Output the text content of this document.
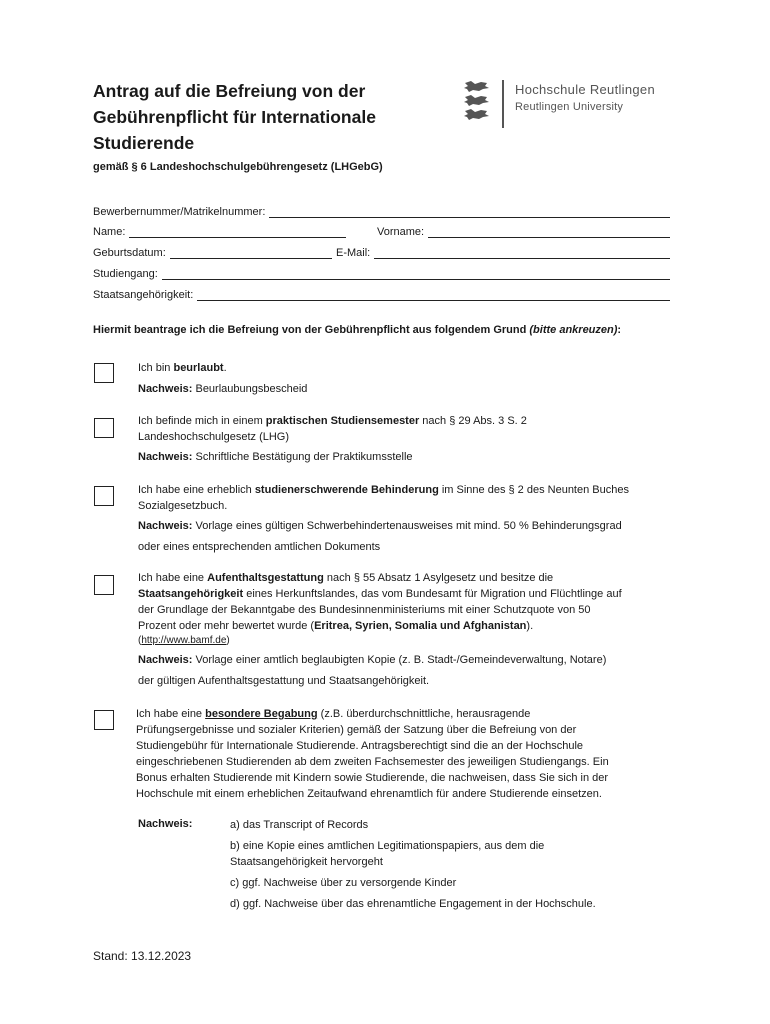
Antrag auf die Befreiung von der
Gebührenpflicht für Internationale
Studierende
gemäß § 6 Landeshochschulgebührengesetz (LHGebG)
Hochschule Reutlingen
Reutlingen University
Bewerbernummer/Matrikelnummer:
Name:	Vorname:
Geburtsdatum:	E-Mail:
Studiengang:
Staatsangehörigkeit:
Hiermit beantrage ich die Befreiung von der Gebührenpflicht aus folgendem Grund (bitte ankreuzen):
Ich bin beurlaubt.
Nachweis: Beurlaubungsbescheid
Ich befinde mich in einem praktischen Studiensemester nach § 29 Abs. 3 S. 2
Landeshochschulgesetz (LHG)
Nachweis: Schriftliche Bestätigung der Praktikumsstelle
Ich habe eine erheblich studienerschwerende Behinderung im Sinne des § 2 des Neunten Buches
Sozialgesetzbuch.
Nachweis: Vorlage eines gültigen Schwerbehindertenausweises mit mind. 50 % Behinderungsgrad
oder eines entsprechenden amtlichen Dokuments
Ich habe eine Aufenthaltsgestattung nach § 55 Absatz 1 Asylgesetz und besitze die
Staatsangehörigkeit eines Herkunftslandes, das vom Bundesamt für Migration und Flüchtlinge auf
der Grundlage der Bekanntgabe des Bundesinnenministeriums mit einer Schutzquote von 50
Prozent oder mehr bewertet wurde (Eritrea, Syrien, Somalia und Afghanistan).
(http://www.bamf.de)
Nachweis: Vorlage einer amtlich beglaubigten Kopie (z. B. Stadt-/Gemeindeverwaltung, Notare)
der gültigen Aufenthaltsgestattung und Staatsangehörigkeit.
Ich habe eine besondere Begabung (z.B. überdurchschnittliche, herausragende
Prüfungsergebnisse und sozialer Kriterien) gemäß der Satzung über die Befreiung von der
Studiengebühr für Internationale Studierende. Antragsberechtigt sind die an der Hochschule
eingeschriebenen Studierenden ab dem zweiten Fachsemester des jeweiligen Studiengangs. Ein
Bonus erhalten Studierende mit Kindern sowie Studierende, die nachweisen, dass Sie sich in der
Hochschule mit einem erheblichen Zeitaufwand ehrenamtlich für andere Studierende einsetzen.
Nachweis:	a) das Transcript of Records
b) eine Kopie eines amtlichen Legitimationspapiers, aus dem die
Staatsangehörigkeit hervorgeht
c) ggf. Nachweise über zu versorgende Kinder
d) ggf. Nachweise über das ehrenamtliche Engagement in der Hochschule.
Stand: 13.12.2023
